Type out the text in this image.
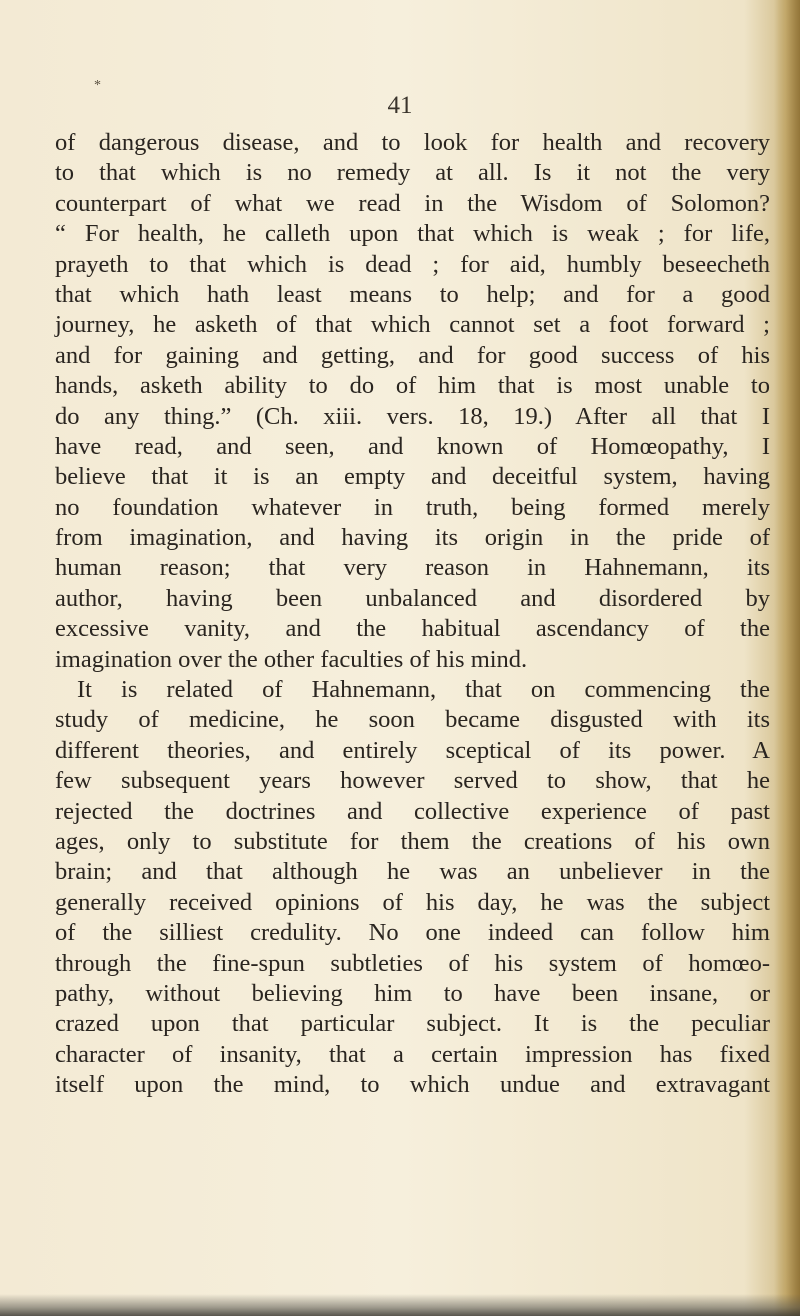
*
41
of dangerous disease, and to look for health and recovery
to that which is no remedy at all. Is it not the very
counterpart of what we read in the Wisdom of Solomon?
“ For health, he calleth upon that which is weak ; for life,
prayeth to that which is dead ; for aid, humbly beseecheth
that which hath least means to help; and for a good
journey, he asketh of that which cannot set a foot forward ;
and for gaining and getting, and for good success of his
hands, asketh ability to do of him that is most unable to
do any thing.” (Ch. xiii. vers. 18, 19.) After all that I
have read, and seen, and known of Homœopathy, I
believe that it is an empty and deceitful system, having
no foundation whatever in truth, being formed merely
from imagination, and having its origin in the pride of
human reason; that very reason in Hahnemann, its
author, having been unbalanced and disordered by
excessive vanity, and the habitual ascendancy of the
imagination over the other faculties of his mind.
It is related of Hahnemann, that on commencing the
study of medicine, he soon became disgusted with its
different theories, and entirely sceptical of its power. A
few subsequent years however served to show, that he
rejected the doctrines and collective experience of past
ages, only to substitute for them the creations of his own
brain; and that although he was an unbeliever in the
generally received opinions of his day, he was the subject
of the silliest credulity. No one indeed can follow him
through the fine-spun subtleties of his system of homœo-
pathy, without believing him to have been insane, or
crazed upon that particular subject. It is the peculiar
character of insanity, that a certain impression has fixed
itself upon the mind, to which undue and extravagant
